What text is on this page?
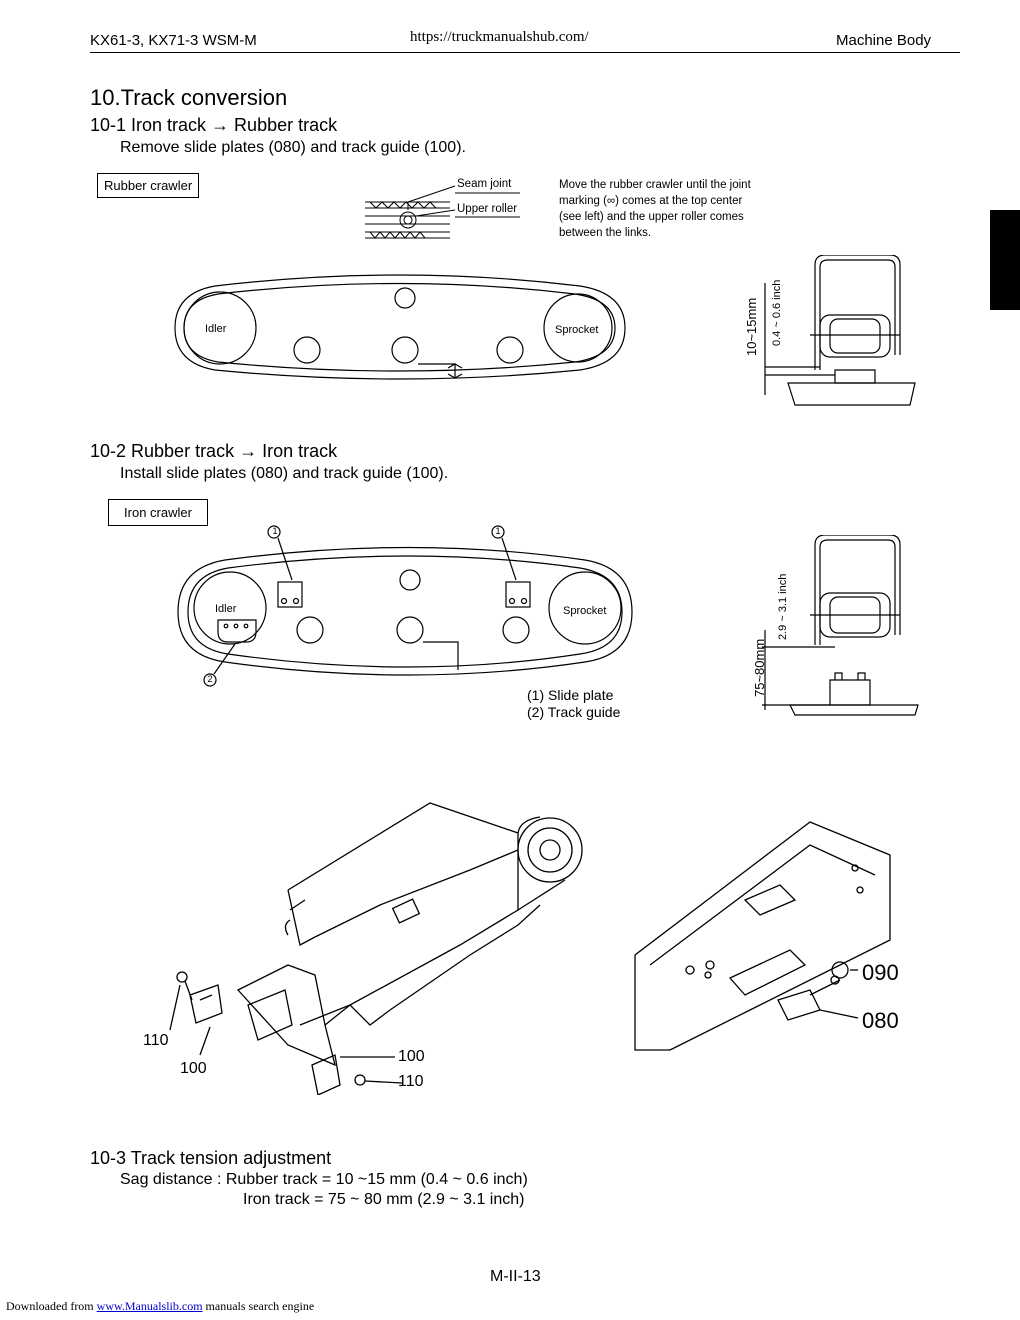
KX61-3, KX71-3 WSM-M	https://truckmanualshub.com/	Machine Body
10.Track conversion
10-1 Iron track → Rubber track
Remove slide plates (080) and track guide (100).
Rubber crawler	Seam joint
Upper roller
Move the rubber crawler until the joint
marking (∞) comes at the top center
(see left) and the upper roller comes
between the links.
Idler	Sprocket	10~15mm 0.4 ~ 0.6 inch
10-2 Rubber track → Iron track
Install slide plates (080) and track guide (100).
Iron crawler
1	1
2
Idler	Sprocket
(1) Slide plate
(2) Track guide
75~80mm
2.9 ~ 3.1 inch
110
100
100
110
090
080
10-3 Track tension adjustment
Sag distance : Rubber track = 10 ~15 mm (0.4 ~ 0.6 inch)
Iron track = 75 ~ 80 mm (2.9 ~ 3.1 inch)
M-II-13
Downloaded from www.Manualslib.com manuals search engine
